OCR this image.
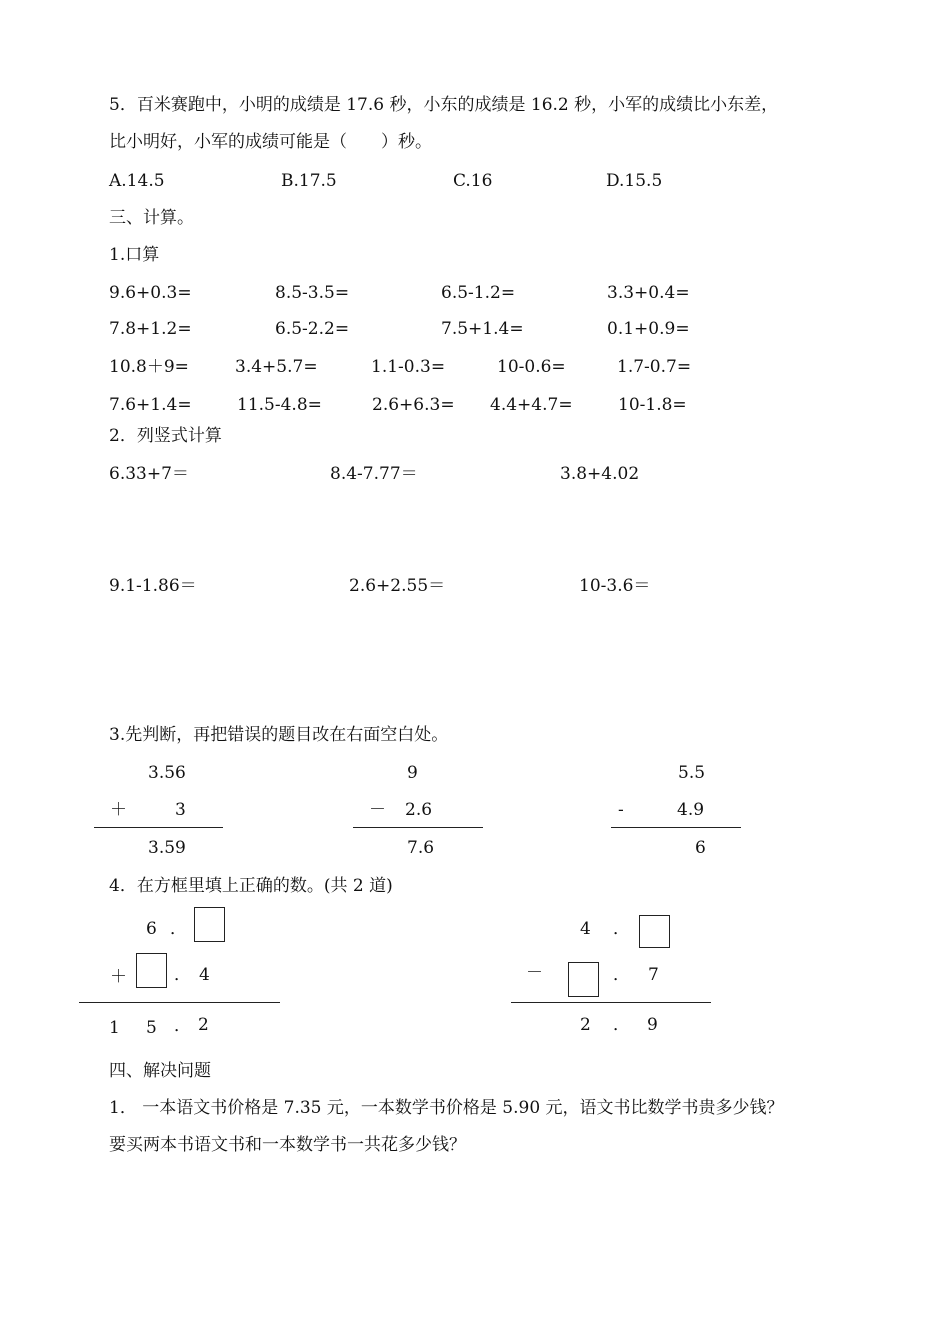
5．百米赛跑中，小明的成绩是 17.6 秒，小东的成绩是 16.2 秒，小军的成绩比小东差，
比小明好，小军的成绩可能是（　　）秒。
A.14.5	B.17.5	C.16	D.15.5
三、计算。
1.口算
9.6+0.3=	8.5-3.5=	6.5-1.2=	3.3+0.4=
7.8+1.2=	6.5-2.2=	7.5+1.4=	0.1+0.9=
10.8＋9=	3.4+5.7=	1.1-0.3=	10-0.6=	1.7-0.7=
7.6+1.4=	11.5-4.8=	2.6+6.3= 4.4+4.7=	10-1.8=
2．列竖式计算
6.33+7＝	8.4-7.77＝	3.8+4.02
9.1-1.86＝	2.6+2.55＝	10-3.6＝
3.先判断，再把错误的题目改在右面空白处。
3.56
＋	3
3.59
9
－ 2.6
7.6
5.5
-	4.9
6
4．在方框里填上正确的数。(共 2 道)
6 ．
＋	． 4
1 5 ． 2
4 ．
－	． 7
2 ． 9
四、解决问题
1． 一本语文书价格是 7.35 元，一本数学书价格是 5.90 元，语文书比数学书贵多少钱？
要买两本书语文书和一本数学书一共花多少钱？
